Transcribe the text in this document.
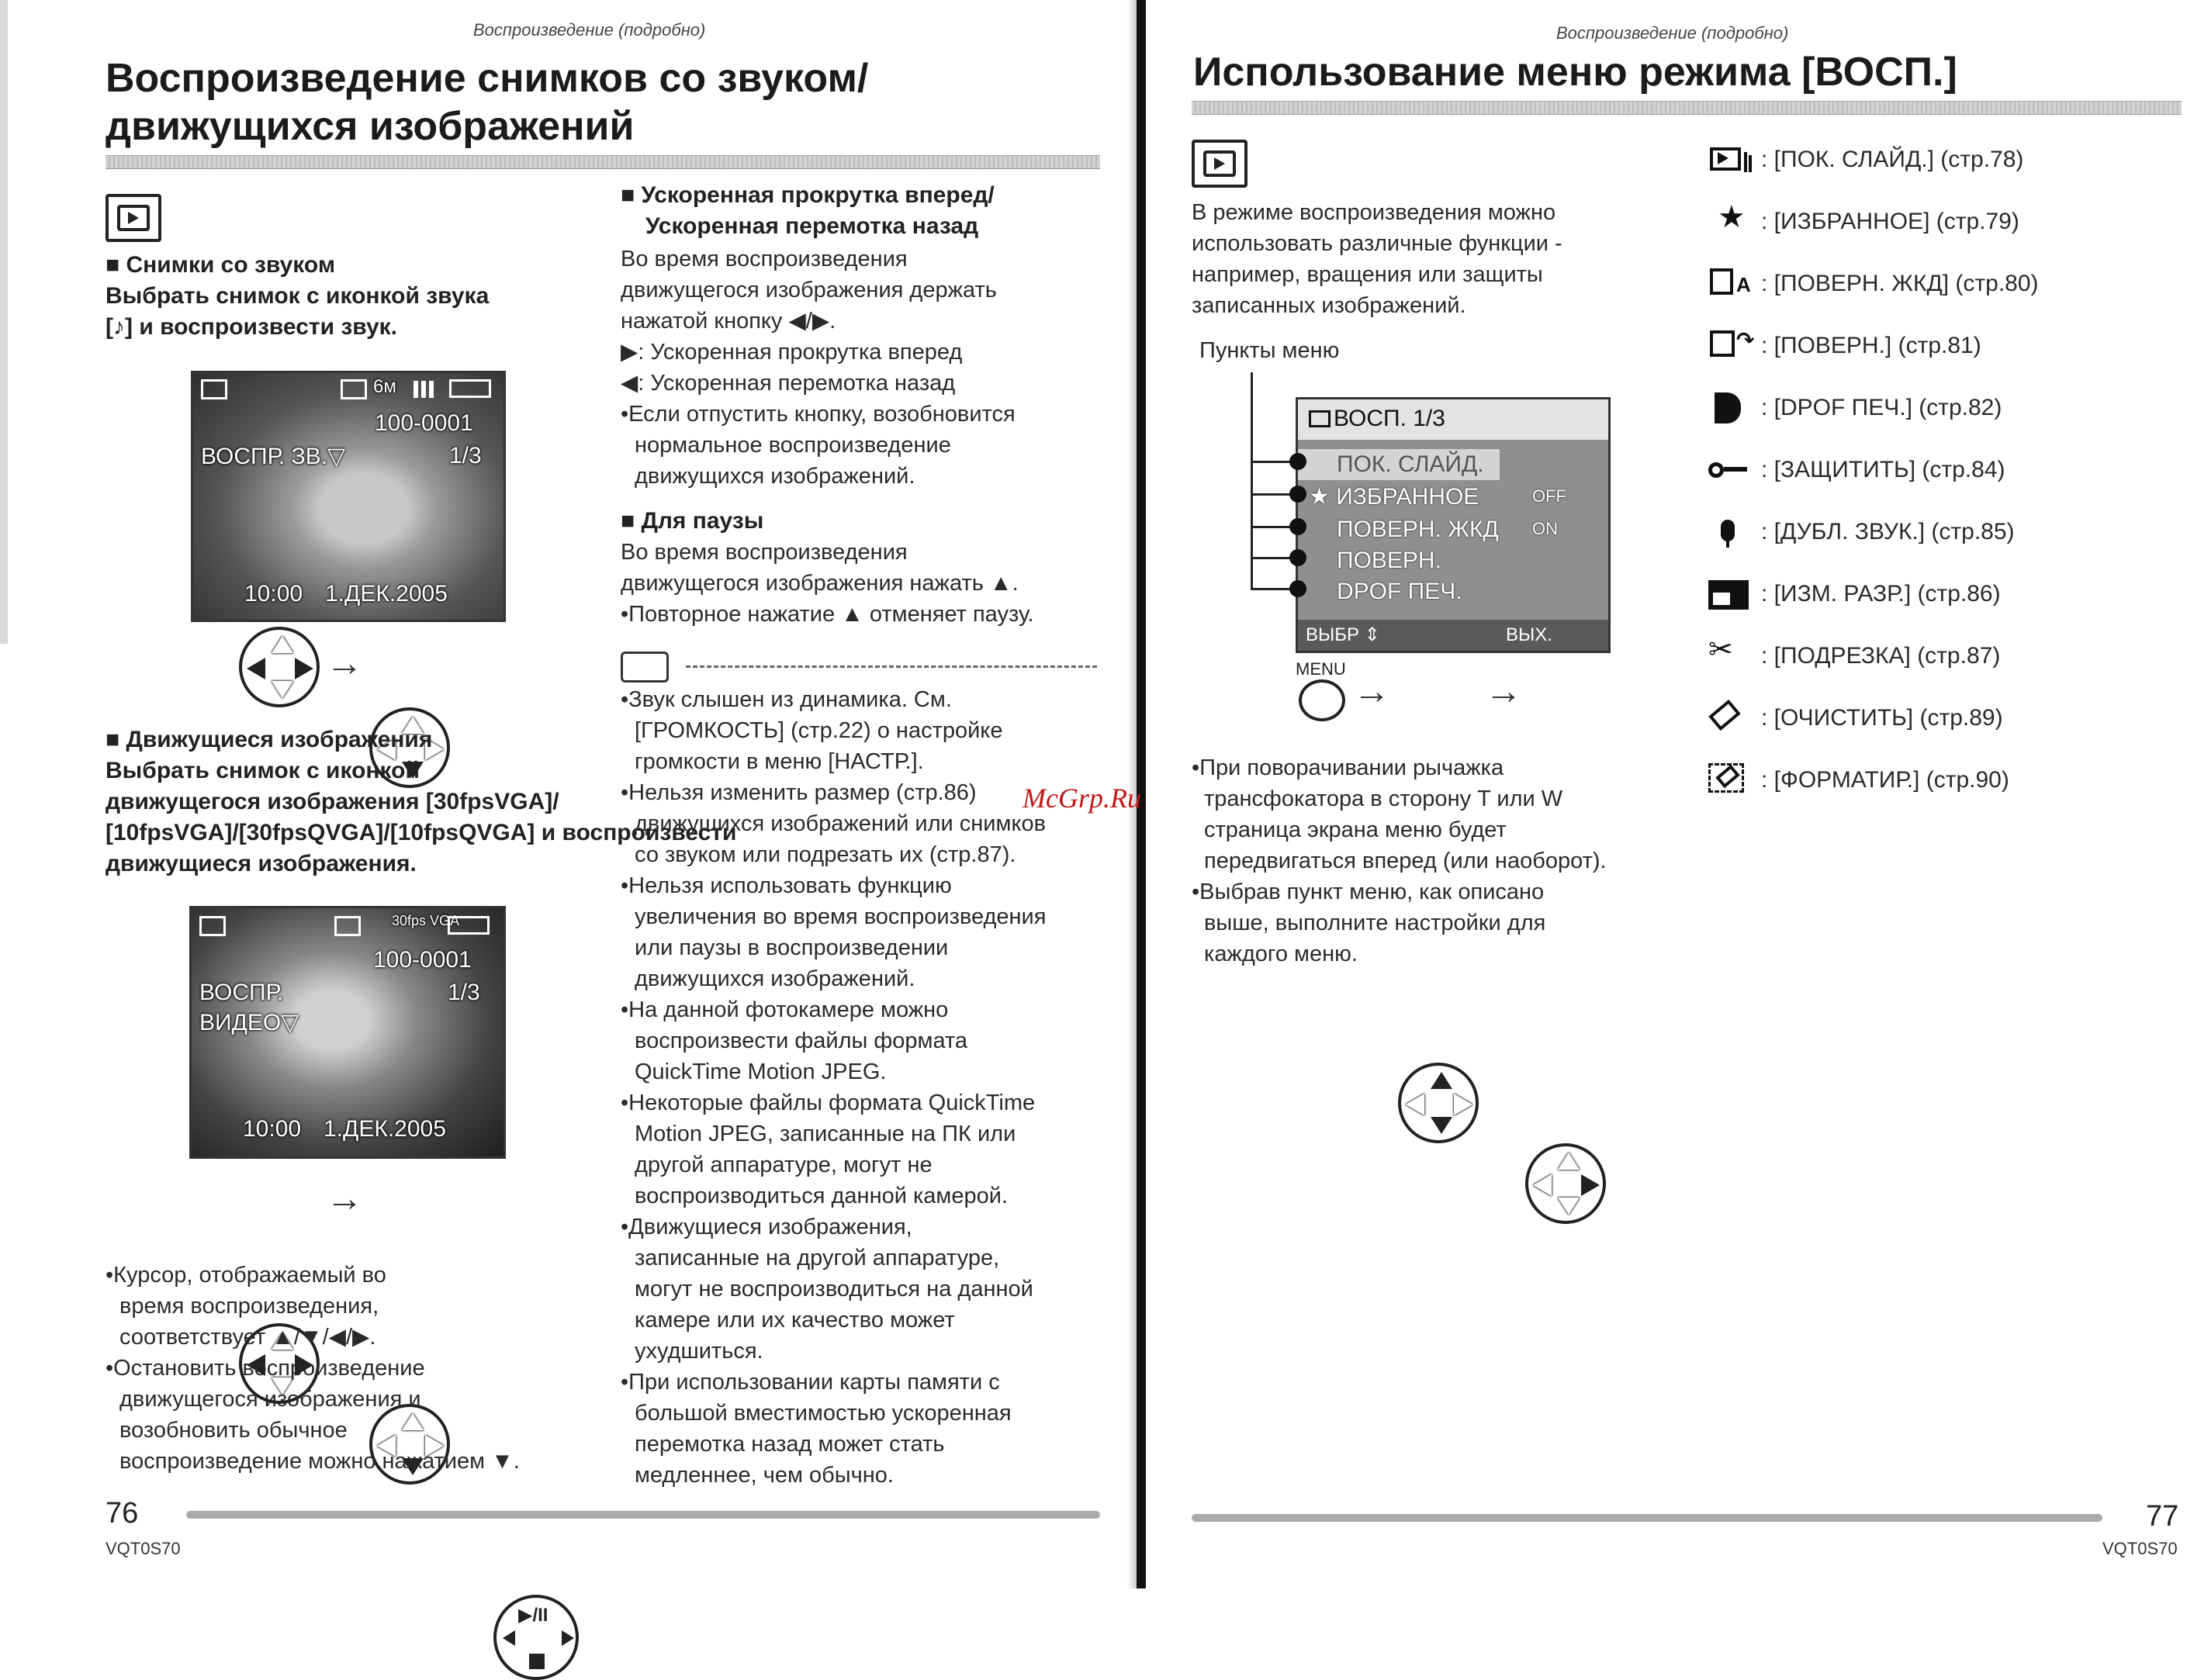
Воспроизведение (подробно)
Воспроизведение снимков со звуком/
движущихся изображений
■ Снимки со звуком
Выбрать снимок с иконкой звука
[♪] и воспроизвести звук.
6м
100-0001
ВОСПР. ЗВ.▽	1/3
10:00 1.ДЕК.2005
→
■ Движущиеся изображения
Выбрать снимок с иконкой
движущегося изображения [30fpsVGA]/
[10fpsVGA]/[30fpsQVGA]/[10fpsQVGA] и воспроизвести
движущиеся изображения.
30fps VGA
100-0001
ВОСПР.
ВИДЕО▽
1/3
10:00 1.ДЕК.2005
→
•Курсор, отображаемый во
время воспроизведения,
соответствует ▲/▼/◀/▶.
•Остановить воспроизведение
движущегося изображения и
возобновить обычное
воспроизведение можно нажатием ▼.
▶/II
■ Ускоренная прокрутка вперед/
Ускоренная перемотка назад
Во время воспроизведения
движущегося изображения держать
нажатой кнопку ◀/▶.
▶: Ускоренная прокрутка вперед
◀: Ускоренная перемотка назад
•Если отпустить кнопку, возобновится
нормальное воспроизведение
движущихся изображений.
■ Для паузы
Во время воспроизведения
движущегося изображения нажать ▲.
•Повторное нажатие ▲ отменяет паузу.
•Звук слышен из динамика. См.
[ГРОМКОСТЬ] (стр.22) о настройке
громкости в меню [НАСТР.].
•Нельзя изменить размер (стр.86)
движущихся изображений или снимков
со звуком или подрезать их (стр.87).
•Нельзя использовать функцию
увеличения во время воспроизведения
или паузы в воспроизведении
движущихся изображений.
•На данной фотокамере можно
воспроизвести файлы формата
QuickTime Motion JPEG.
•Некоторые файлы формата QuickTime
Motion JPEG, записанные на ПК или
другой аппаратуре, могут не
воспроизводиться данной камерой.
•Движущиеся изображения,
записанные на другой аппаратуре,
могут не воспроизводиться на данной
камере или их качество может
ухудшиться.
•При использовании карты памяти с
большой вместимостью ускоренная
перемотка назад может стать
медленнее, чем обычно.
76
VQT0S70
McGrp.Ru
Воспроизведение (подробно)
Использование меню режима [ВОСП.]
В режиме воспроизведения можно
использовать различные функции -
например, вращения или защиты
записанных изображений.
Пункты меню
ВОСП. 1/3
ПОК. СЛАЙД.
★ ИЗБРАННОЕ	OFF
ПОВЕРН. ЖКД ON
ПОВЕРН.
DPOF ПЕЧ.
ВЫБР ⇕	ВЫХ. MENU
MENU
→	→
•При поворачивании рычажка
трансфокатора в сторону T или W
страница экрана меню будет
передвигаться вперед (или наоборот).
•Выбрав пункт меню, как описано
выше, выполните настройки для
каждого меню.
: [ПОК. СЛАЙД.] (стр.78)
★ : [ИЗБРАННОЕ] (стр.79)
A : [ПОВЕРН. ЖКД] (стр.80)
↷ : [ПОВЕРН.] (стр.81)
: [DPOF ПЕЧ.] (стр.82)
: [ЗАЩИТИТЬ] (стр.84)
: [ДУБЛ. ЗВУК.] (стр.85)
: [ИЗМ. РАЗР.] (стр.86)
✂ : [ПОДРЕЗКА] (стр.87)
: [ОЧИСТИТЬ] (стр.89)
: [ФОРМАТИР.] (стр.90)
77
VQT0S70
